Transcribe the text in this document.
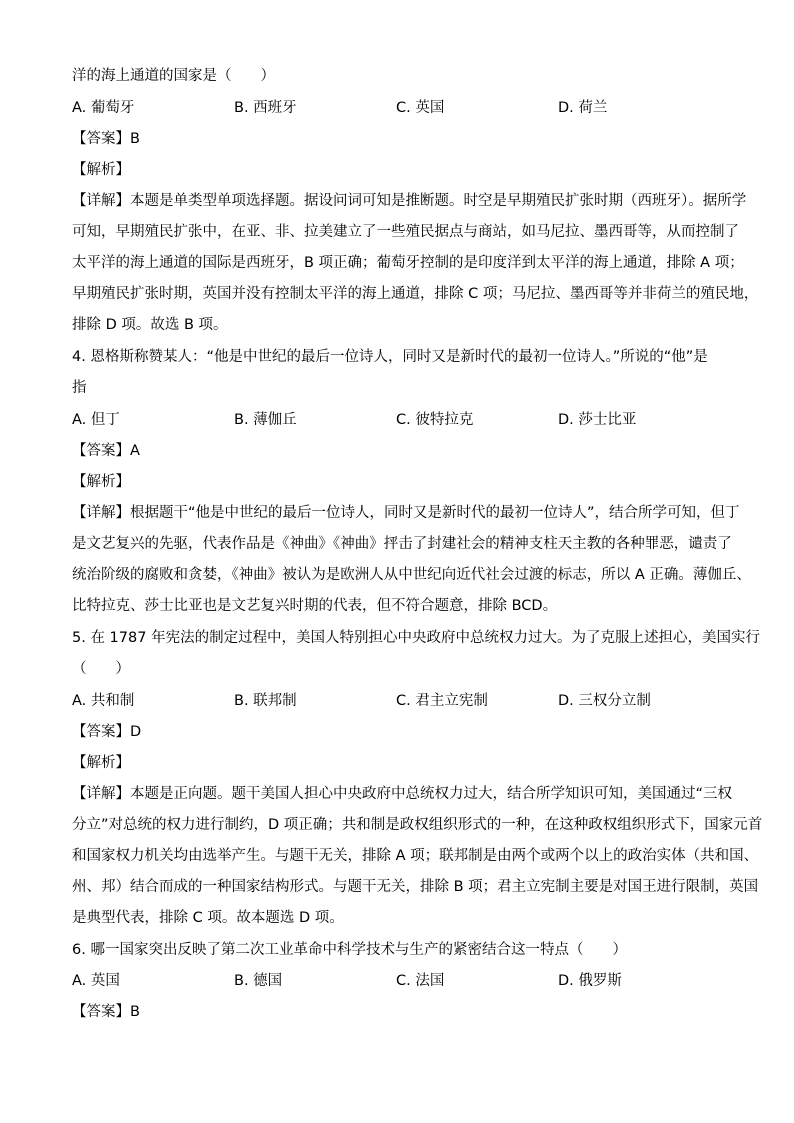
洋的海上通道的国家是（　　）
A. 葡萄牙	B. 西班牙	C. 英国	D. 荷兰
【答案】B
【解析】
【详解】本题是单类型单项选择题。据设问词可知是推断题。时空是早期殖民扩张时期（西班牙）。据所学
可知，早期殖民扩张中，在亚、非、拉美建立了一些殖民据点与商站，如马尼拉、墨西哥等，从而控制了
太平洋的海上通道的国际是西班牙，B 项正确；葡萄牙控制的是印度洋到太平洋的海上通道，排除 A 项；
早期殖民扩张时期，英国并没有控制太平洋的海上通道，排除 C 项；马尼拉、墨西哥等并非荷兰的殖民地，
排除 D 项。故选 B 项。
4. 恩格斯称赞某人：“他是中世纪的最后一位诗人，同时又是新时代的最初一位诗人。”所说的“他”是
指
A. 但丁	B. 薄伽丘	C. 彼特拉克	D. 莎士比亚
【答案】A
【解析】
【详解】根据题干“他是中世纪的最后一位诗人，同时又是新时代的最初一位诗人”，结合所学可知，但丁
是文艺复兴的先驱，代表作品是《神曲》《神曲》抨击了封建社会的精神支柱天主教的各种罪恶，谴责了
统治阶级的腐败和贪婪，《神曲》被认为是欧洲人从中世纪向近代社会过渡的标志，所以 A 正确。薄伽丘、
比特拉克、莎士比亚也是文艺复兴时期的代表，但不符合题意，排除 BCD。
5. 在 1787 年宪法的制定过程中，美国人特别担心中央政府中总统权力过大。为了克服上述担心，美国实行
（　　）
A. 共和制	B. 联邦制	C. 君主立宪制	D. 三权分立制
【答案】D
【解析】
【详解】本题是正向题。题干美国人担心中央政府中总统权力过大，结合所学知识可知，美国通过“三权
分立”对总统的权力进行制约，D 项正确；共和制是政权组织形式的一种，在这种政权组织形式下，国家元首
和国家权力机关均由选举产生。与题干无关，排除 A 项；联邦制是由两个或两个以上的政治实体（共和国、
州、邦）结合而成的一种国家结构形式。与题干无关，排除 B 项；君主立宪制主要是对国王进行限制，英国
是典型代表，排除 C 项。故本题选 D 项。
6. 哪一国家突出反映了第二次工业革命中科学技术与生产的紧密结合这一特点（　　）
A. 英国	B. 德国	C. 法国	D. 俄罗斯
【答案】B
